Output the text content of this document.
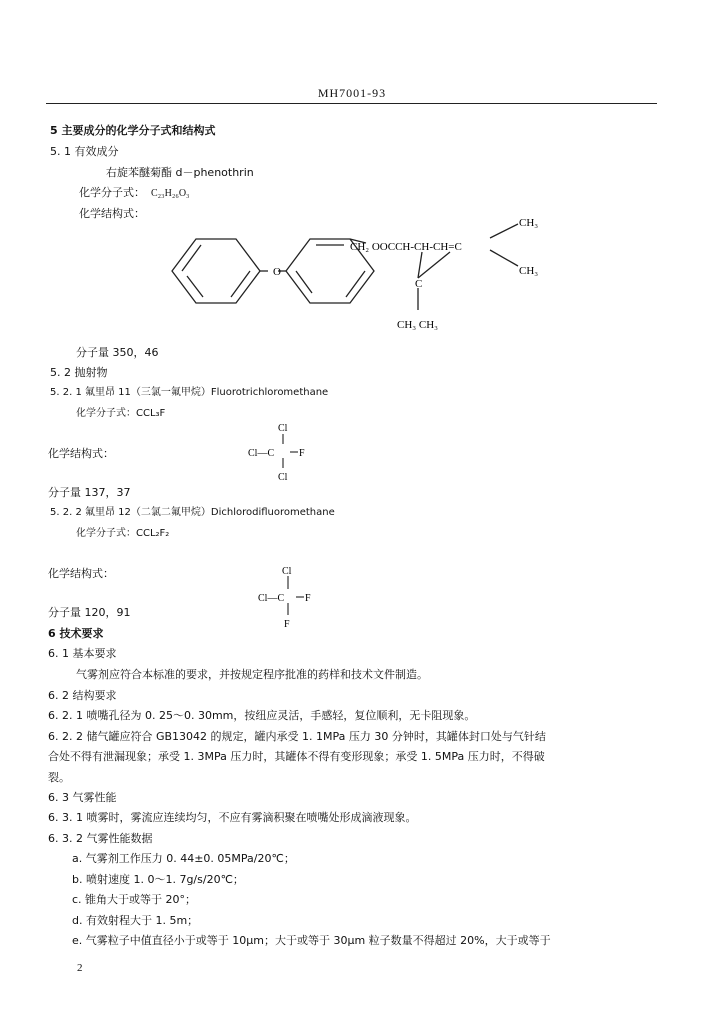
MH7001-93
5 主要成分的化学分子式和结构式
5. 1 有效成分
右旋苯醚菊酯 d－phenothrin
化学分子式： C₂₃H₂₆O₃
化学结构式：
O
CH₂ OOCCH-CH-CH=C
C
CH₃
CH₃
CH₃ CH₃
分子量 350，46
5. 2 抛射物
5. 2. 1 氟里昂 11（三氯一氟甲烷）Fluorotrichloromethane
化学分子式：CCL₃F
Cl
Cl—C F
Cl
化学结构式：
分子量 137，37
5. 2. 2 氟里昂 12（二氯二氟甲烷）Dichlorodifluoromethane
化学分子式：CCL₂F₂
化学结构式：	Cl
Cl—C F
F
分子量 120，91
6 技术要求
6. 1 基本要求
气雾剂应符合本标准的要求，并按规定程序批准的药样和技术文件制造。
6. 2 结构要求
6. 2. 1 喷嘴孔径为 0. 25～0. 30mm，按纽应灵活，手感轻，复位顺利，无卡阻现象。
6. 2. 2 储气罐应符合 GB13042 的规定，罐内承受 1. 1MPa 压力 30 分钟时，其罐体封口处与气针结
合处不得有泄漏现象；承受 1. 3MPa 压力时，其罐体不得有变形现象；承受 1. 5MPa 压力时，不得破
裂。
6. 3 气雾性能
6. 3. 1 喷雾时，雾流应连续均匀，不应有雾滴积聚在喷嘴处形成滴液现象。
6. 3. 2 气雾性能数据
a. 气雾剂工作压力 0. 44±0. 05MPa/20℃；
b. 喷射速度 1. 0～1. 7g/s/20℃；
c. 锥角大于或等于 20°；
d. 有效射程大于 1. 5m；
e. 气雾粒子中值直径小于或等于 10μm；大于或等于 30μm 粒子数量不得超过 20%，大于或等于
2
